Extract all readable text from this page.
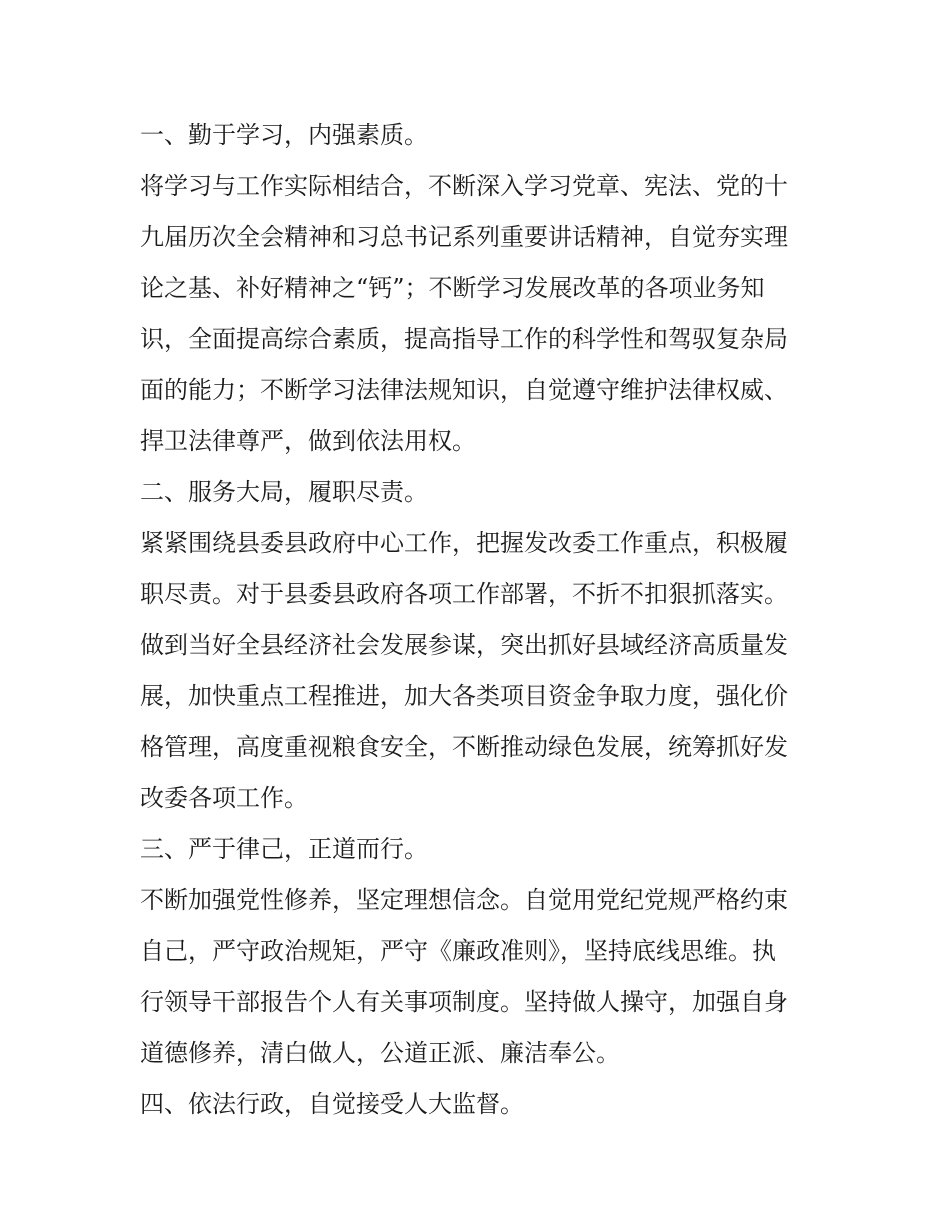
一、勤于学习，内强素质。
将学习与工作实际相结合，不断深入学习党章、宪法、党的十
九届历次全会精神和习总书记系列重要讲话精神，自觉夯实理
论之基、补好精神之“钙”；不断学习发展改革的各项业务知
识，全面提高综合素质，提高指导工作的科学性和驾驭复杂局
面的能力；不断学习法律法规知识，自觉遵守维护法律权威、
捍卫法律尊严，做到依法用权。
二、服务大局，履职尽责。
紧紧围绕县委县政府中心工作，把握发改委工作重点，积极履
职尽责。对于县委县政府各项工作部署，不折不扣狠抓落实。
做到当好全县经济社会发展参谋，突出抓好县域经济高质量发
展，加快重点工程推进，加大各类项目资金争取力度，强化价
格管理，高度重视粮食安全，不断推动绿色发展，统筹抓好发
改委各项工作。
三、严于律己，正道而行。
不断加强党性修养，坚定理想信念。自觉用党纪党规严格约束
自己，严守政治规矩，严守《廉政准则》，坚持底线思维。执
行领导干部报告个人有关事项制度。坚持做人操守，加强自身
道德修养，清白做人，公道正派、廉洁奉公。
四、依法行政，自觉接受人大监督。
